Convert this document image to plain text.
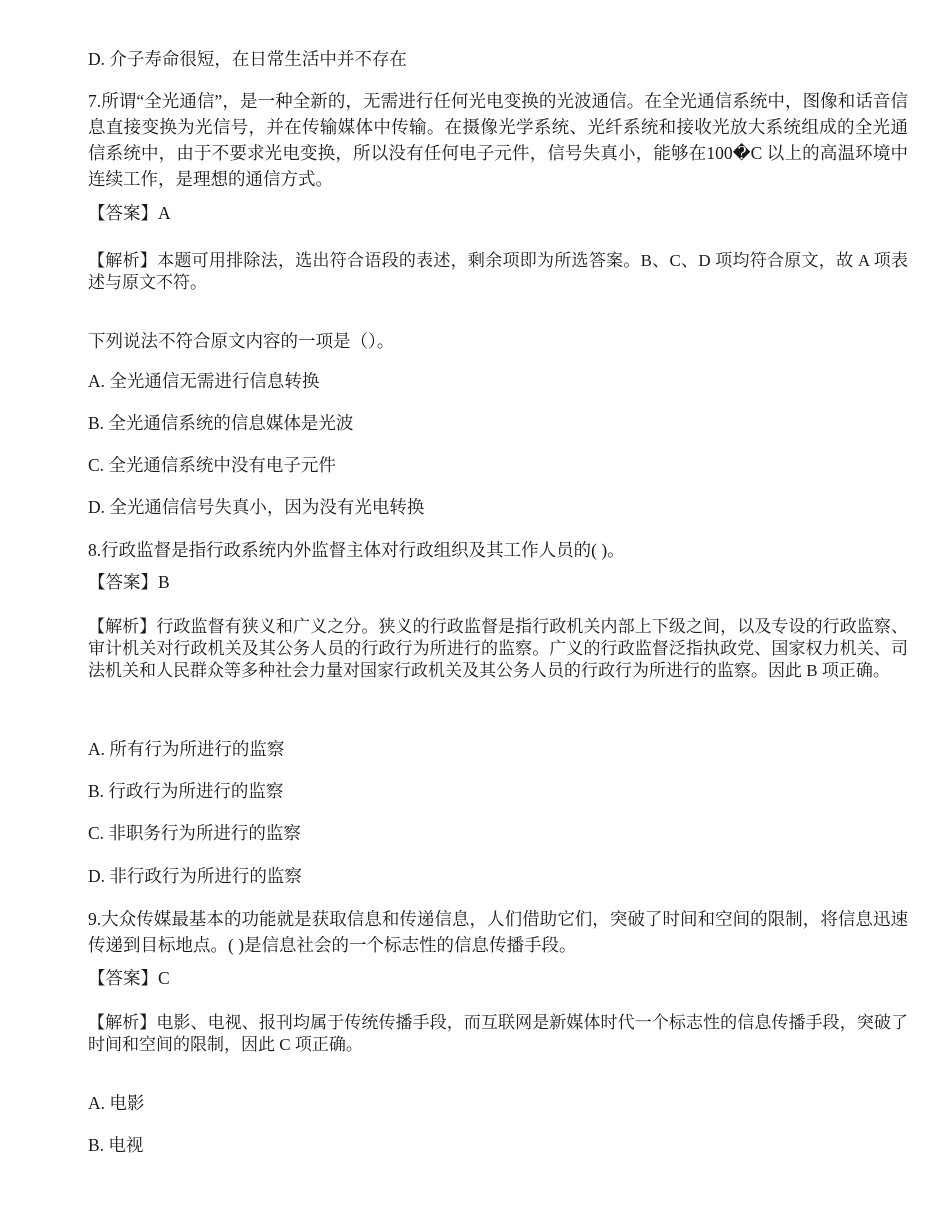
D. 介子寿命很短，在日常生活中并不存在

7.所谓“全光通信”，是一种全新的，无需进行任何光电变换的光波通信。在全光通信系统中，图像和话音信息直接变换为光信号，并在传输媒体中传输。在摄像光学系统、光纤系统和接收光放大系统组成的全光通信系统中，由于不要求光电变换，所以没有任何电子元件，信号失真小，能够在100�C 以上的高温环境中连续工作，是理想的通信方式。

【答案】A

【解析】本题可用排除法，选出符合语段的表述，剩余项即为所选答案。B、C、D 项均符合原文，故 A 项表述与原文不符。

下列说法不符合原文内容的一项是（）。

A. 全光通信无需进行信息转换

B. 全光通信系统的信息媒体是光波

C. 全光通信系统中没有电子元件

D. 全光通信信号失真小，因为没有光电转换

8.行政监督是指行政系统内外监督主体对行政组织及其工作人员的( )。

【答案】B

【解析】行政监督有狭义和广义之分。狭义的行政监督是指行政机关内部上下级之间，以及专设的行政监察、审计机关对行政机关及其公务人员的行政行为所进行的监察。广义的行政监督泛指执政党、国家权力机关、司法机关和人民群众等多种社会力量对国家行政机关及其公务人员的行政行为所进行的监察。因此 B 项正确。

A. 所有行为所进行的监察

B. 行政行为所进行的监察

C. 非职务行为所进行的监察

D. 非行政行为所进行的监察

9.大众传媒最基本的功能就是获取信息和传递信息，人们借助它们，突破了时间和空间的限制，将信息迅速传递到目标地点。( )是信息社会的一个标志性的信息传播手段。

【答案】C

【解析】电影、电视、报刊均属于传统传播手段，而互联网是新媒体时代一个标志性的信息传播手段，突破了时间和空间的限制，因此 C 项正确。

A. 电影

B. 电视
